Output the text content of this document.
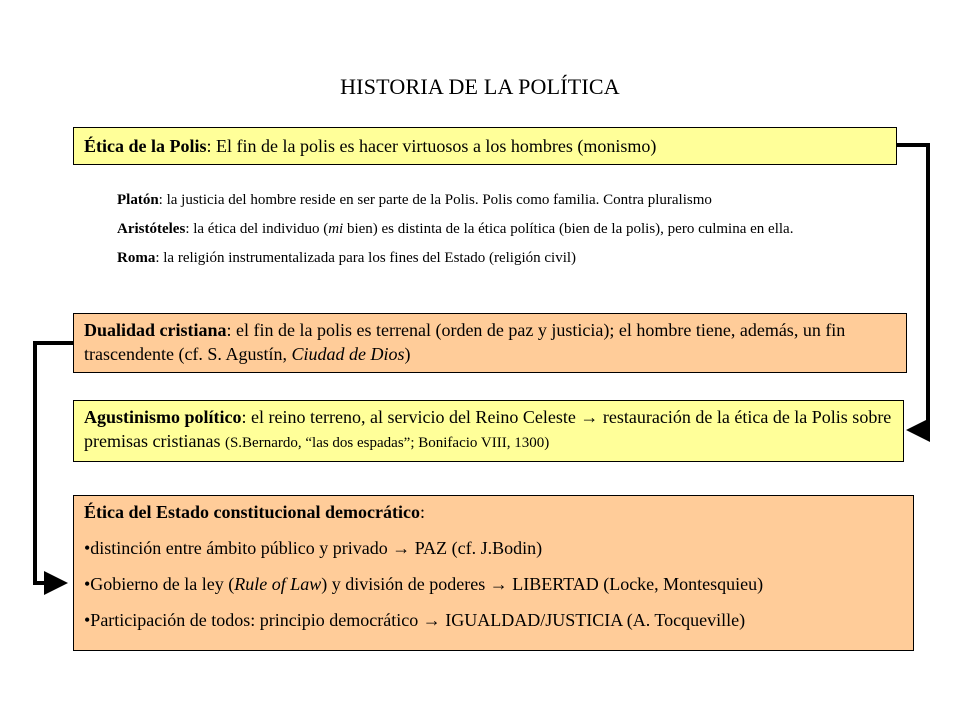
HISTORIA DE LA POLÍTICA
Ética de la Polis: El fin de la polis es hacer virtuosos a los hombres (monismo)

Platón: la justicia del hombre reside en ser parte de la Polis. Polis como familia. Contra pluralismo

Aristóteles: la ética del individuo (mi bien) es distinta de la ética política (bien de la polis), pero culmina en ella.

Roma: la religión instrumentalizada para los fines del Estado (religión civil)

Dualidad cristiana: el fin de la polis es terrenal (orden de paz y justicia); el hombre tiene, además, un fin trascendente (cf. S. Agustín, Ciudad de Dios)
Agustinismo político: el reino terreno, al servicio del Reino Celeste → restauración de la ética de la Polis sobre premisas cristianas (S.Bernardo, “las dos espadas”; Bonifacio VIII, 1300)

Ética del Estado constitucional democrático:

•distinción entre ámbito público y privado → PAZ (cf. J.Bodin)

•Gobierno de la ley (Rule of Law) y división de poderes → LIBERTAD (Locke, Montesquieu)

•Participación de todos: principio democrático → IGUALDAD/JUSTICIA (A. Tocqueville)
